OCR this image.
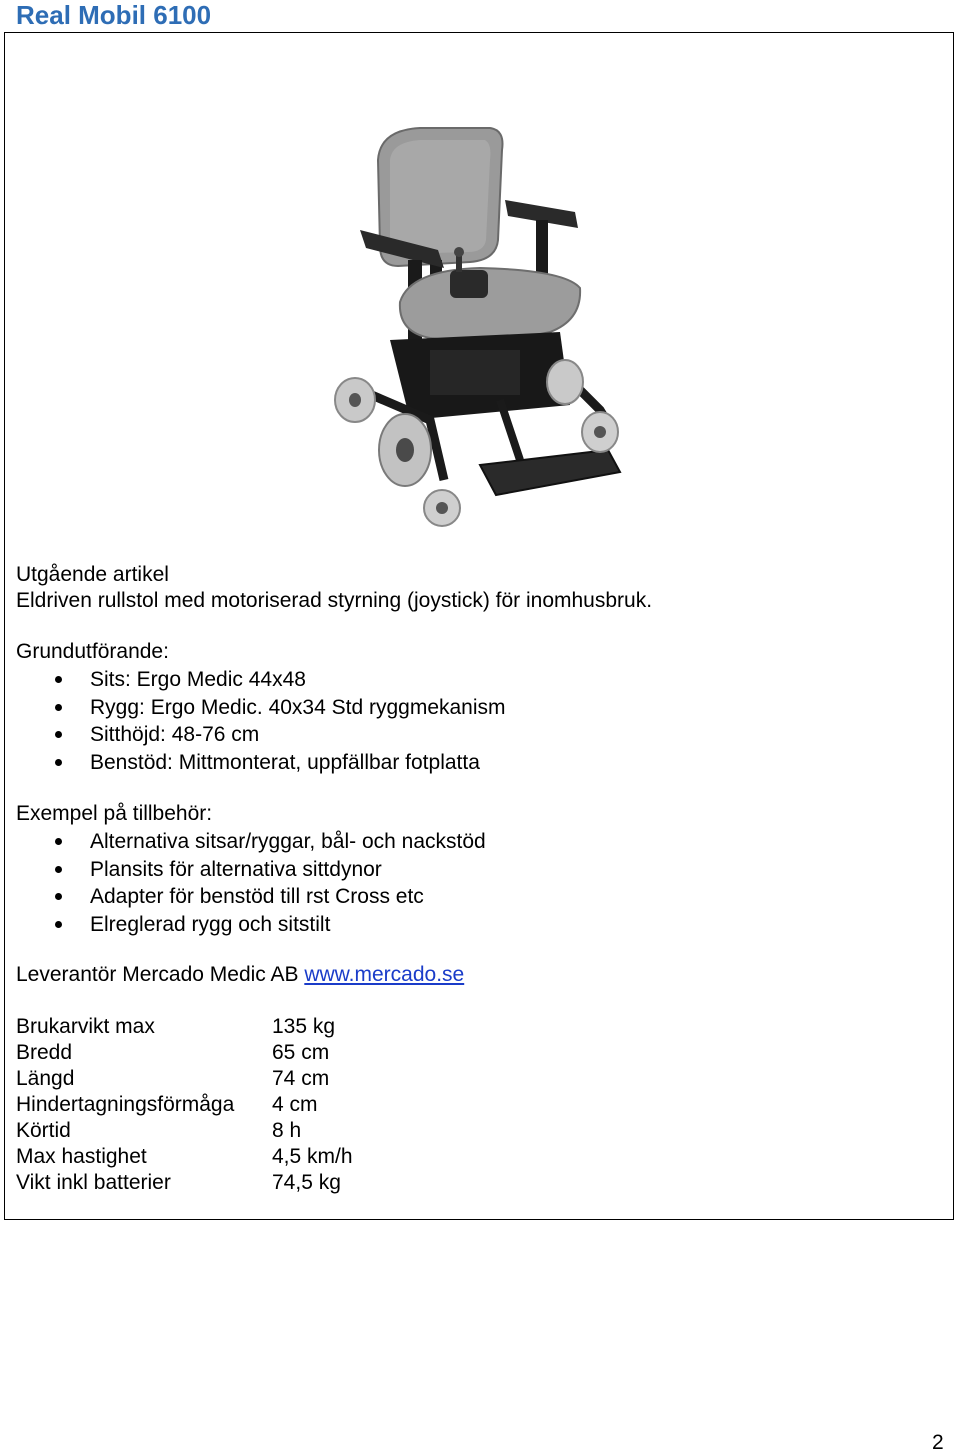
Real Mobil 6100
Utgående artikel
Eldriven rullstol med motoriserad styrning (joystick) för inomhusbruk.
Grundutförande:
Sits: Ergo Medic 44x48
Rygg: Ergo Medic. 40x34 Std ryggmekanism
Sitthöjd: 48-76 cm
Benstöd: Mittmonterat, uppfällbar fotplatta
Exempel på tillbehör:
Alternativa sitsar/ryggar, bål- och nackstöd
Plansits för alternativa sittdynor
Adapter för benstöd till rst Cross etc
Elreglerad rygg och sitstilt
Leverantör Mercado Medic AB www.mercado.se
Brukarvikt max	135 kg
Bredd	65 cm
Längd	74 cm
Hindertagningsförmåga 4 cm
Körtid	8 h
Max hastighet	4,5 km/h
Vikt inkl batterier	74,5 kg
2
